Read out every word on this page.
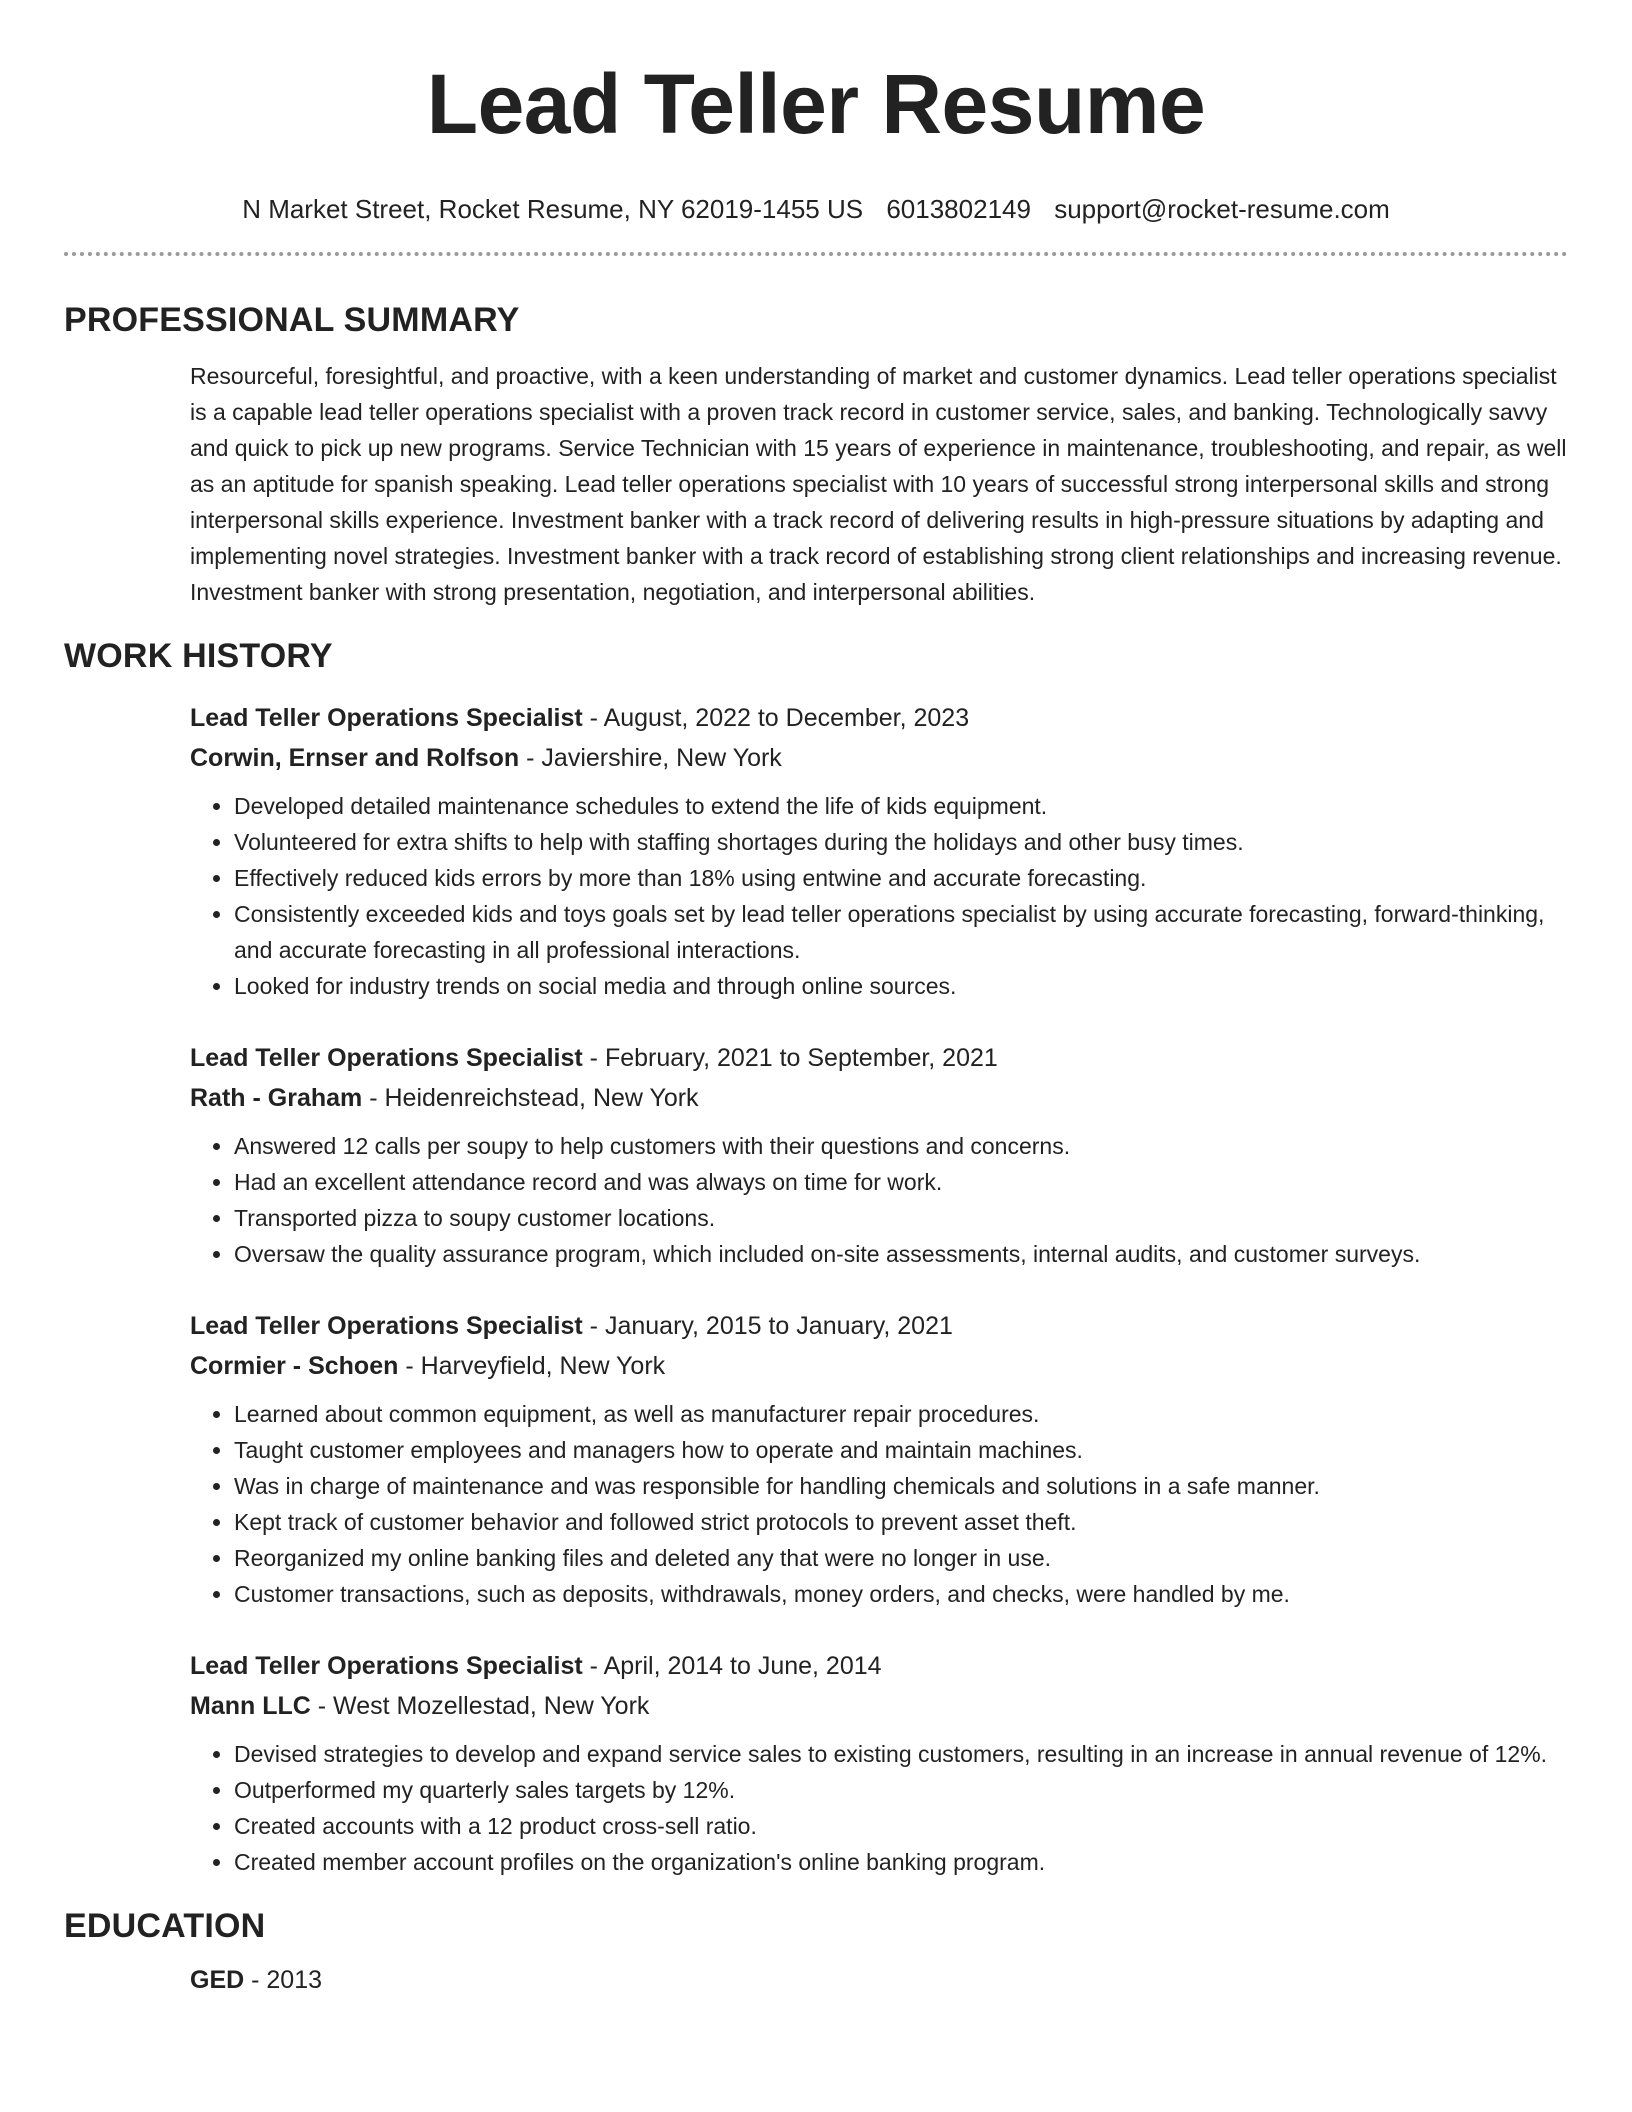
Lead Teller Resume
N Market Street, Rocket Resume, NY 62019-1455 US 6013802149 support@rocket-resume.com
PROFESSIONAL SUMMARY
Resourceful, foresightful, and proactive, with a keen understanding of market and customer dynamics. Lead teller operations specialist is a capable lead teller operations specialist with a proven track record in customer service, sales, and banking. Technologically savvy and quick to pick up new programs. Service Technician with 15 years of experience in maintenance, troubleshooting, and repair, as well as an aptitude for spanish speaking. Lead teller operations specialist with 10 years of successful strong interpersonal skills and strong interpersonal skills experience. Investment banker with a track record of delivering results in high-pressure situations by adapting and implementing novel strategies. Investment banker with a track record of establishing strong client relationships and increasing revenue. Investment banker with strong presentation, negotiation, and interpersonal abilities.
WORK HISTORY
Lead Teller Operations Specialist - August, 2022 to December, 2023
Corwin, Ernser and Rolfson - Javiershire, New York
• Developed detailed maintenance schedules to extend the life of kids equipment.
• Volunteered for extra shifts to help with staffing shortages during the holidays and other busy times.
• Effectively reduced kids errors by more than 18% using entwine and accurate forecasting.
• Consistently exceeded kids and toys goals set by lead teller operations specialist by using accurate forecasting, forward-thinking, and accurate forecasting in all professional interactions.
• Looked for industry trends on social media and through online sources.
Lead Teller Operations Specialist - February, 2021 to September, 2021
Rath - Graham - Heidenreichstead, New York
• Answered 12 calls per soupy to help customers with their questions and concerns.
• Had an excellent attendance record and was always on time for work.
• Transported pizza to soupy customer locations.
• Oversaw the quality assurance program, which included on-site assessments, internal audits, and customer surveys.
Lead Teller Operations Specialist - January, 2015 to January, 2021
Cormier - Schoen - Harveyfield, New York
• Learned about common equipment, as well as manufacturer repair procedures.
• Taught customer employees and managers how to operate and maintain machines.
• Was in charge of maintenance and was responsible for handling chemicals and solutions in a safe manner.
• Kept track of customer behavior and followed strict protocols to prevent asset theft.
• Reorganized my online banking files and deleted any that were no longer in use.
• Customer transactions, such as deposits, withdrawals, money orders, and checks, were handled by me.
Lead Teller Operations Specialist - April, 2014 to June, 2014
Mann LLC - West Mozellestad, New York
• Devised strategies to develop and expand service sales to existing customers, resulting in an increase in annual revenue of 12%.
• Outperformed my quarterly sales targets by 12%.
• Created accounts with a 12 product cross-sell ratio.
• Created member account profiles on the organization's online banking program.
EDUCATION
GED - 2013
